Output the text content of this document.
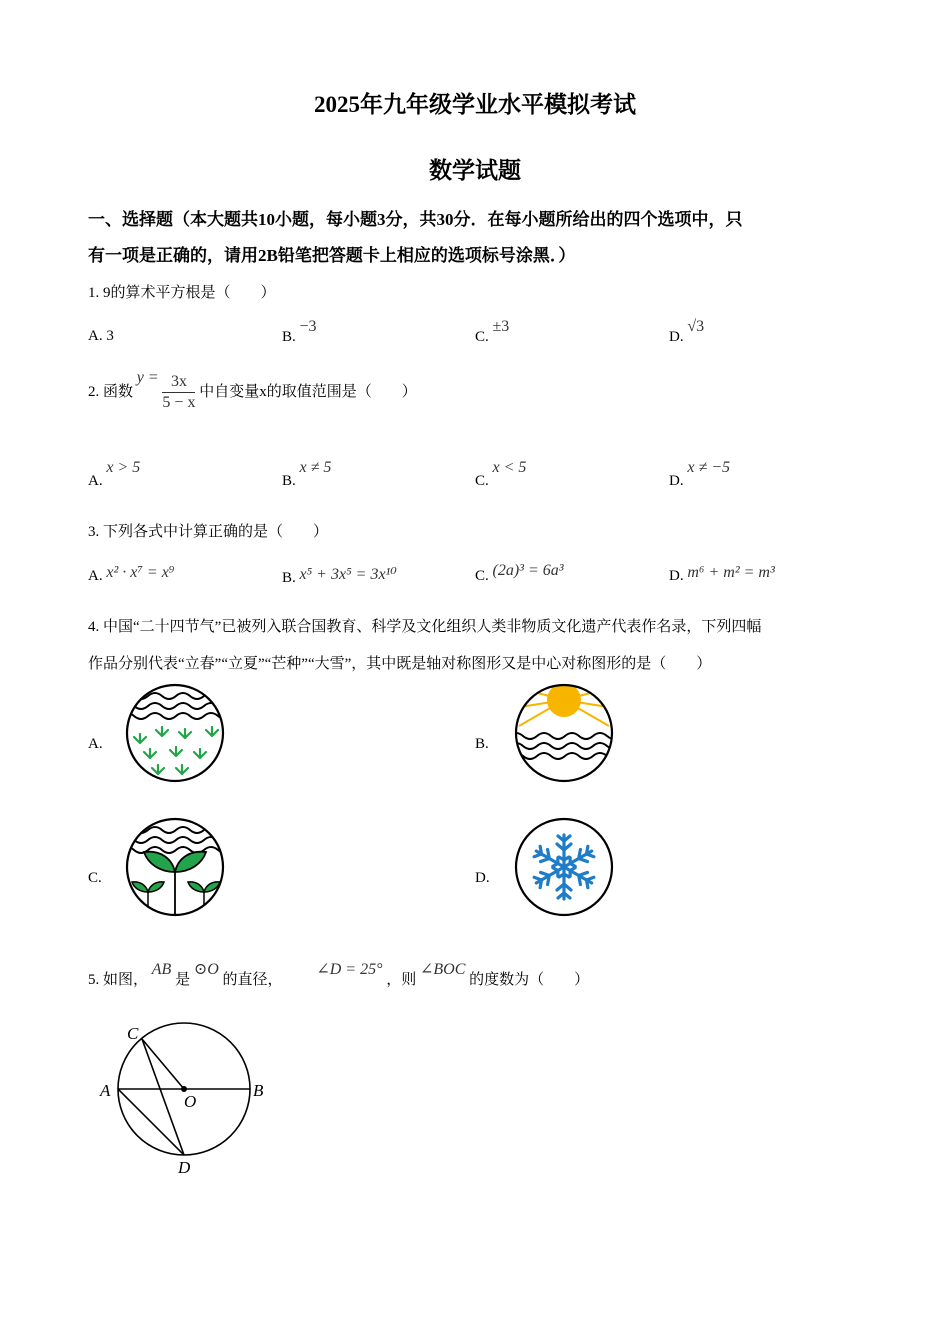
2025年九年级学业水平模拟考试
数学试题
一、选择题（本大题共10小题，每小题3分，共30分．在每小题所给出的四个选项中，只
有一项是正确的，请用2B铅笔把答题卡上相应的选项标号涂黑．）
1. 9的算术平方根是（　　）
A. 3	B. −3
C. ±3
D. √3
2. 函数 $y = \frac{3x}{5 - x}$ 中自变量x的取值范围是（　　）
A. x > 5
B. x ≠ 5
C. x < 5
D. x ≠ −5
3. 下列各式中计算正确的是（　　）
A. x² · x⁷ = x⁹	B. x⁵ + 3x⁵ = 3x¹⁰	C. (2a)³ = 6a³	D. m⁶ + m² = m³
4. 中国“二十四节气”已被列入联合国教育、科学及文化组织人类非物质文化遗产代表作名录，下列四幅
作品分别代表“立春”“立夏”“芒种”“大雪”，其中既是轴对称图形又是中心对称图形的是（　　）
A.	B.
C.	D.
5. 如图， AB 是 ⊙O 的直径， ∠D = 25° ，则 ∠BOC 的度数为（　　）
C
A
O
B
D
